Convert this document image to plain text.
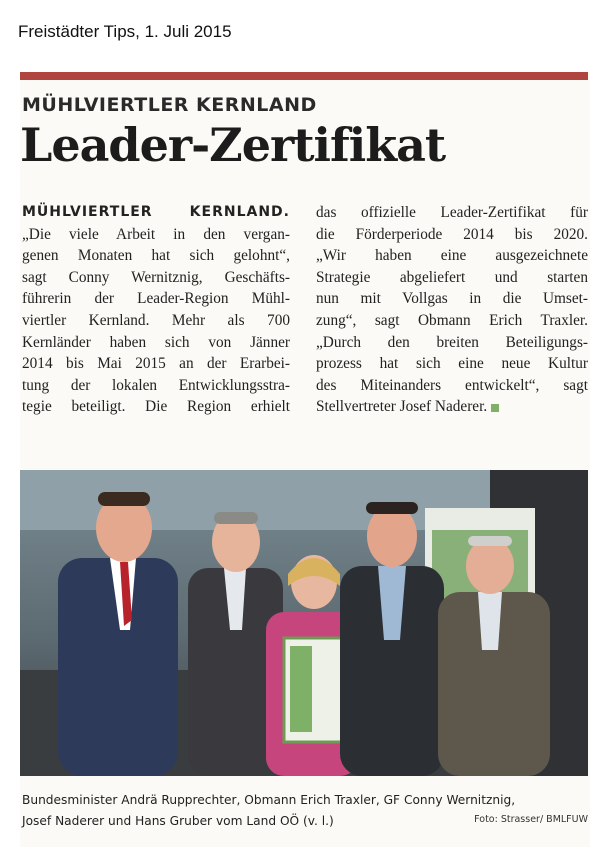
Freistädter Tips, 1. Juli 2015
MÜHLVIERTLER KERNLAND
Leader-Zertifikat
MÜHLVIERTLER KERNLAND.
„Die viele Arbeit in den vergan-
genen Monaten hat sich gelohnt“,
sagt Conny Wernitznig, Geschäfts-
führerin der Leader-Region Mühl-
viertler Kernland. Mehr als 700
Kernländer haben sich von Jänner
2014 bis Mai 2015 an der Erarbei-
tung der lokalen Entwicklungsstra-
tegie beteiligt. Die Region erhielt
das offizielle Leader-Zertifikat für
die Förderperiode 2014 bis 2020.
„Wir haben eine ausgezeichnete
Strategie abgeliefert und starten
nun mit Vollgas in die Umset-
zung“, sagt Obmann Erich Traxler.
„Durch den breiten Beteiligungs-
prozess hat sich eine neue Kultur
des Miteinanders entwickelt“, sagt
Stellvertreter Josef Naderer.
Bundesminister Andrä Rupprechter, Obmann Erich Traxler, GF Conny Wernitznig,
Josef Naderer und Hans Gruber vom Land OÖ (v. l.)	Foto: Strasser/ BMLFUW
